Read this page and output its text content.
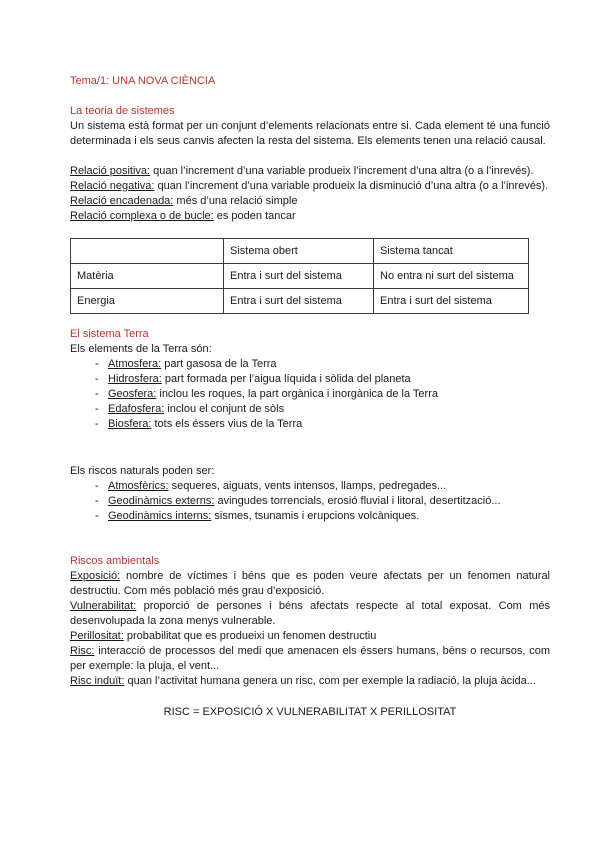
Tema/1: UNA NOVA CIÈNCIA

La teoria de sistemes

Un sistema està format per un conjunt d’elements relacionats entre si. Cada element té una funció determinada i els seus canvis afecten la resta del sistema. Els elements tenen una relació causal.

Relació positiva: quan l’increment d’una variable produeix l’increment d’una altra (o a l’inrevés).

Relació negativa: quan l’increment d’una variable produeix la disminució d’una altra (o a l’inrevés).

Relació encadenada: més d’una relació simple

Relació complexa o de bucle: es poden tancar

	Sistema obert	Sistema tancat
Matèria	Entra i surt del sistema	No entra ni surt del sistema
Energia	Entra i surt del sistema	Entra i surt del sistema

El sistema Terra

Els elements de la Terra són:

- Atmosfera: part gasosa de la Terra
- Hidrosfera: part formada per l’aigua líquida i sòlida del planeta
- Geosfera: inclou les roques, la part orgànica i inorgànica de la Terra
- Edafosfera: inclou el conjunt de sòls
- Biosfera: tots els éssers vius de la Terra

Els riscos naturals poden ser:

- Atmosfèrics: sequeres, aiguats, vents intensos, llamps, pedregades...
- Geodinàmics externs: avingudes torrencials, erosió fluvial i litoral, desertització...
- Geodinàmics interns: sismes, tsunamis i erupcions volcàniques.

Riscos ambientals

Exposició: nombre de víctimes i béns que es poden veure afectats per un fenomen natural destructiu. Com més població més grau d’exposició.

Vulnerabilitat: proporció de persones i béns afectats respecte al total exposat. Com més desenvolupada la zona menys vulnerable.

Perillositat: probabilitat que es produeixi un fenomen destructiu

Risc: interacció de processos del medi que amenacen els éssers humans, béns o recursos, com per exemple: la pluja, el vent...

Risc induït: quan l’activitat humana genera un risc, com per exemple la radiació, la pluja àcida...

RISC = EXPOSICIÓ X VULNERABILITAT X PERILLOSITAT
